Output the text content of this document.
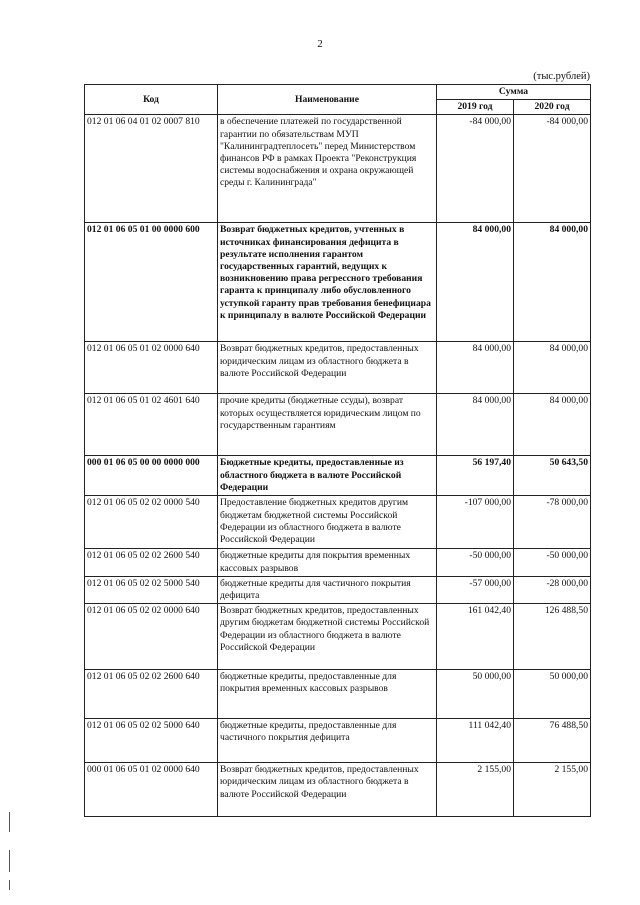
2
(тыс.рублей)
Код	Наименование	Сумма	
		2019 год	2020 год
012 01 06 04 01 02 0007 810	в обеспечение платежей по государственной гарантии по обязательствам МУП "Калининградтеплосеть" перед Министерством финансов РФ в рамках Проекта "Реконструкция системы водоснабжения и охрана окружающей среды г. Калининграда"	-84 000,00	-84 000,00
012 01 06 05 01 00 0000 600	Возврат бюджетных кредитов, учтенных в источниках финансирования дефицита в результате исполнения гарантом государственных гарантий, ведущих к возникновению права регрессного требования гаранта к принципалу либо обусловленного уступкой гаранту прав требования бенефициара к принципалу в валюте Российской Федерации	84 000,00	84 000,00
012 01 06 05 01 02 0000 640	Возврат бюджетных кредитов, предоставленных юридическим лицам из областного бюджета в валюте Российской Федерации	84 000,00	84 000,00
012 01 06 05 01 02 4601 640	прочие кредиты (бюджетные ссуды), возврат которых осуществляется юридическим лицом по государственным гарантиям	84 000,00	84 000,00
000 01 06 05 00 00 0000 000	Бюджетные кредиты, предоставленные из областного бюджета в валюте Российской Федерации	56 197,40	50 643,50
012 01 06 05 02 02 0000 540	Предоставление бюджетных кредитов другим бюджетам бюджетной системы Российской Федерации из областного бюджета в валюте Российской Федерации	-107 000,00	-78 000,00
012 01 06 05 02 02 2600 540	бюджетные кредиты для покрытия временных кассовых разрывов	-50 000,00	-50 000,00
012 01 06 05 02 02 5000 540	бюджетные кредиты для частичного покрытия дефицита	-57 000,00	-28 000,00
012 01 06 05 02 02 0000 640	Возврат бюджетных кредитов, предоставленных другим бюджетам бюджетной системы Российской Федерации из областного бюджета в валюте Российской Федерации	161 042,40	126 488,50
012 01 06 05 02 02 2600 640	бюджетные кредиты, предоставленные для покрытия временных кассовых разрывов	50 000,00	50 000,00
012 01 06 05 02 02 5000 640	бюджетные кредиты, предоставленные для частичного покрытия дефицита	111 042,40	76 488,50
000 01 06 05 01 02 0000 640	Возврат бюджетных кредитов, предоставленных юридическим лицам из областного бюджета в валюте Российской Федерации	2 155,00	2 155,00
